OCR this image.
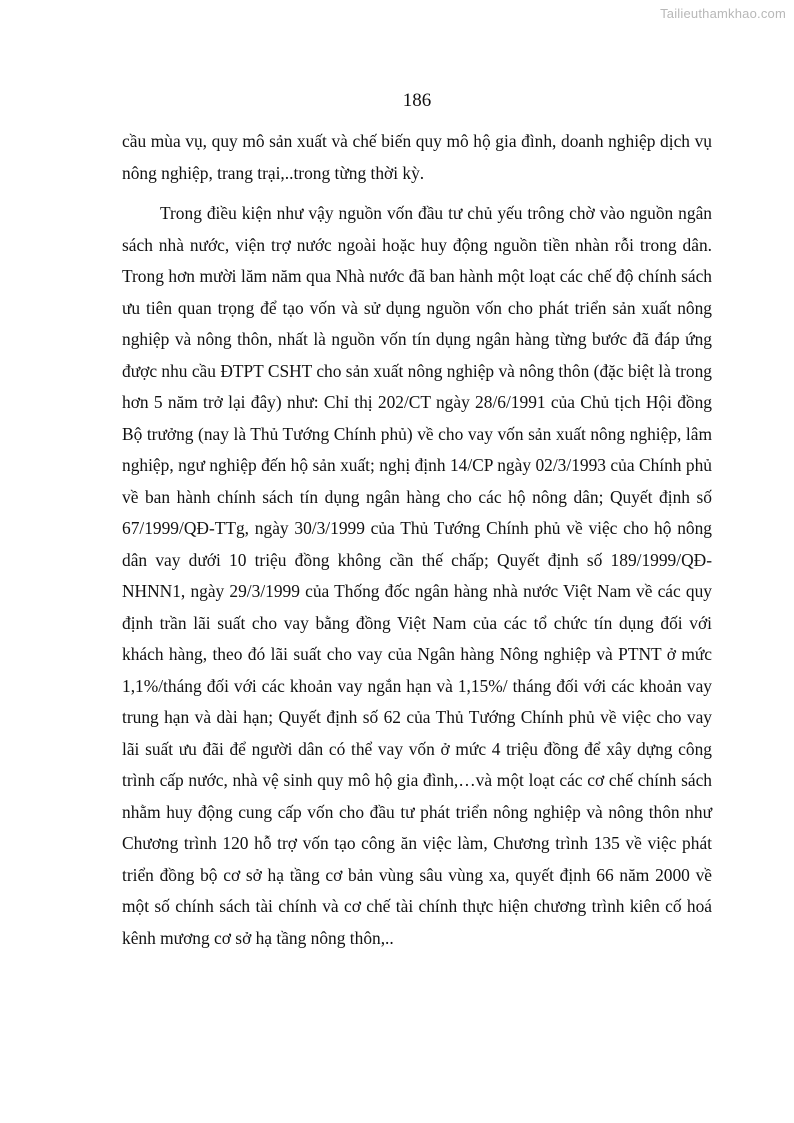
Tailieuthamkhao.com
186

cầu mùa vụ, quy mô sản xuất và chế biến quy mô hộ gia đình, doanh nghiệp dịch vụ nông nghiệp, trang trại,..trong từng thời kỳ.

Trong điều kiện như vậy nguồn vốn đầu tư chủ yếu trông chờ vào nguồn ngân sách nhà nước, viện trợ nước ngoài hoặc huy động nguồn tiền nhàn rỗi trong dân. Trong hơn mười lăm năm qua Nhà nước đã ban hành một loạt các chế độ chính sách ưu tiên quan trọng để tạo vốn và sử dụng nguồn vốn cho phát triển sản xuất nông nghiệp và nông thôn, nhất là nguồn vốn tín dụng ngân hàng từng bước đã đáp ứng được nhu cầu ĐTPT CSHT cho sản xuất nông nghiệp và nông thôn (đặc biệt là trong hơn 5 năm trở lại đây) như: Chỉ thị 202/CT ngày 28/6/1991 của Chủ tịch Hội đồng Bộ trưởng (nay là Thủ Tướng Chính phủ) về cho vay vốn sản xuất nông nghiệp, lâm nghiệp, ngư nghiệp đến hộ sản xuất; nghị định 14/CP ngày 02/3/1993 của Chính phủ về ban hành chính sách tín dụng ngân hàng cho các hộ nông dân; Quyết định số 67/1999/QĐ-TTg, ngày 30/3/1999 của Thủ Tướng Chính phủ về việc cho hộ nông dân vay dưới 10 triệu đồng không cần thế chấp; Quyết định số 189/1999/QĐ-NHNN1, ngày 29/3/1999 của Thống đốc ngân hàng nhà nước Việt Nam về các quy định trần lãi suất cho vay bằng đồng Việt Nam của các tổ chức tín dụng đối với khách hàng, theo đó lãi suất cho vay của Ngân hàng Nông nghiệp và PTNT ở mức 1,1%/tháng đối với các khoản vay ngắn hạn và 1,15%/ tháng đối với các khoản vay trung hạn và dài hạn; Quyết định số 62 của Thủ Tướng Chính phủ về việc cho vay lãi suất ưu đãi để người dân có thể vay vốn ở mức 4 triệu đồng để xây dựng công trình cấp nước, nhà vệ sinh quy mô hộ gia đình,…và một loạt các cơ chế chính sách nhằm huy động cung cấp vốn cho đầu tư phát triển nông nghiệp và nông thôn như Chương trình 120 hỗ trợ vốn tạo công ăn việc làm, Chương trình 135 về việc phát triển đồng bộ cơ sở hạ tầng cơ bản vùng sâu vùng xa, quyết định 66 năm 2000 về một số chính sách tài chính và cơ chế tài chính thực hiện chương trình kiên cố hoá kênh mương cơ sở hạ tầng nông thôn,..
